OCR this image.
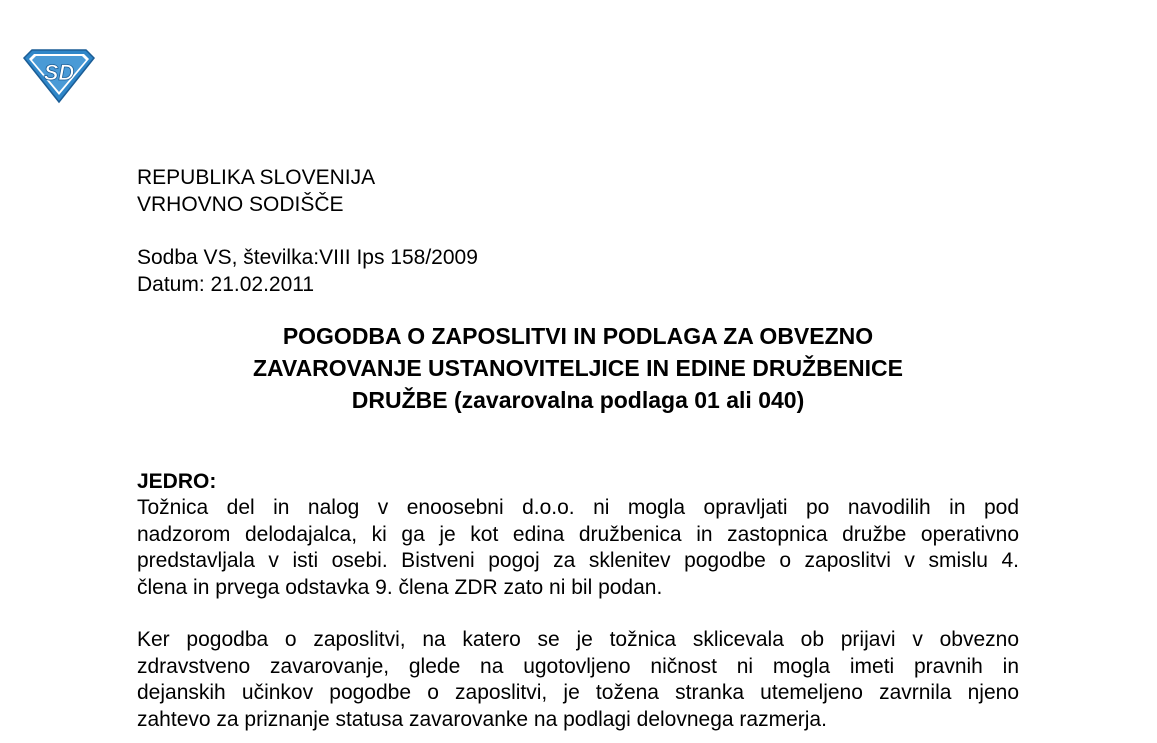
SD
REPUBLIKA SLOVENIJA
VRHOVNO SODIŠČE
Sodba VS, številka:VIII Ips 158/2009
Datum: 21.02.2011
POGODBA O ZAPOSLITVI IN PODLAGA ZA OBVEZNO
ZAVAROVANJE USTANOVITELJICE IN EDINE DRUŽBENICE
DRUŽBE (zavarovalna podlaga 01 ali 040)
JEDRO:
Tožnica del in nalog v enoosebni d.o.o. ni mogla opravljati po navodilih in pod
nadzorom delodajalca, ki ga je kot edina družbenica in zastopnica družbe operativno
predstavljala v isti osebi. Bistveni pogoj za sklenitev pogodbe o zaposlitvi v smislu 4.
člena in prvega odstavka 9. člena ZDR zato ni bil podan.
Ker pogodba o zaposlitvi, na katero se je tožnica sklicevala ob prijavi v obvezno
zdravstveno zavarovanje, glede na ugotovljeno ničnost ni mogla imeti pravnih in
dejanskih učinkov pogodbe o zaposlitvi, je tožena stranka utemeljeno zavrnila njeno
zahtevo za priznanje statusa zavarovanke na podlagi delovnega razmerja.
